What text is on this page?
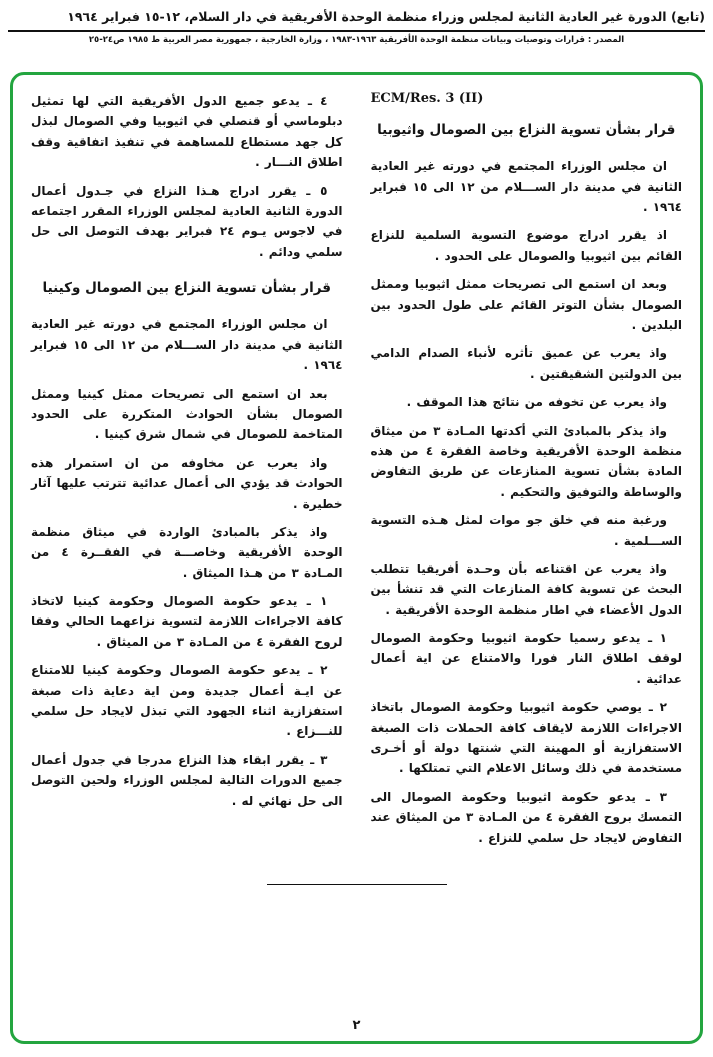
(تابع) الدورة غير العادية الثانية لمجلس وزراء منظمة الوحدة الأفريقية في دار السلام، ١٢-١٥ فبراير ١٩٦٤
المصدر : قرارات وتوصيات وبيانات منظمة الوحدة الأفريقية ١٩٦٣-١٩٨٣ ، وزارة الخارجية ، جمهورية مصر العربية ط ١٩٨٥ ص٢٤-٢٥
ECM/Res. 3 (II)
قرار بشأن تسوية النزاع بين الصومال واثيوبيا

ان مجلس الوزراء المجتمع في دورته غير العادية الثانية في مدينة دار الســـلام من ١٢ الى ١٥ فبراير ١٩٦٤ .

اذ يقرر ادراج موضوع التسوية السلمية للنزاع القائم بين اثيوبيا والصومال على الحدود .

وبعد ان استمع الى تصريحات ممثل اثيوبيا وممثل الصومال بشأن التوتر القائم على طول الحدود بين البلدين .

واذ يعرب عن عميق تأثره لأنباء الصدام الدامي بين الدولتين الشقيقتين .

واذ يعرب عن تخوفه من نتائج هذا الموقف .

واذ يذكر بالمبادئ التي أكدتها المـادة ٣ من ميثاق منظمة الوحدة الأفريقية وخاصة الفقرة ٤ من هذه المادة بشأن تسوية المنازعات عن طريق التفاوض والوساطة والتوفيق والتحكيم .

ورغبة منه في خلق جو موات لمثل هـذه التسوية الســـلمية .

واذ يعرب عن اقتناعه بأن وحـدة أفريقيا تتطلب البحث عن تسوية كافة المنازعات التي قد تنشأ بين الدول الأعضاء في اطار منظمة الوحدة الأفريقية .

١ ـ يدعو رسميا حكومة اثيوبيا وحكومة الصومال لوقف اطلاق النار فورا والامتناع عن اية أعمال عدائية .

٢ ـ يوصي حكومة اثيوبيا وحكومة الصومال باتخاذ الاجراءات اللازمة لايقاف كافة الحملات ذات الصبغة الاستفزازية أو المهينة التي شنتها دولة أو أخـرى مستخدمة في ذلك وسائل الاعلام التي تمتلكها .

٣ ـ يدعو حكومة اثيوبيا وحكومة الصومال الى التمسك بروح الفقرة ٤ من المـادة ٣ من الميثاق عند التفاوض لايجاد حل سلمي للنزاع .

٤ ـ يدعو جميع الدول الأفريقية التي لها تمثيل دبلوماسي أو قنصلي في اثيوبيا وفي الصومال لبذل كل جهد مستطاع للمساهمة في تنفيذ اتفاقية وقف اطلاق النـــار .

٥ ـ يقرر ادراج هـذا النزاع في جـدول أعمال الدورة الثانية العادية لمجلس الوزراء المقرر اجتماعه في لاجوس يـوم ٢٤ فبراير بهدف التوصل الى حل سلمي ودائم .

قرار بشأن تسوية النزاع بين الصومال وكينيا

ان مجلس الوزراء المجتمع في دورته غير العادية الثانية في مدينة دار الســـلام من ١٢ الى ١٥ فبراير ١٩٦٤ .

بعد ان استمع الى تصريحات ممثل كينيا وممثل الصومال بشأن الحوادث المتكررة على الحدود المتاخمة للصومال في شمال شرق كينيا .

واذ يعرب عن مخاوفه من ان استمرار هذه الحوادث قد يؤدي الى أعمال عدائية تترتب عليها آثار خطيرة .

واذ يذكر بالمبادئ الواردة في ميثاق منظمة الوحدة الأفريقية وخاصـــة في الفقــرة ٤ من المـادة ٣ من هـذا الميثاق .

١ ـ يدعو حكومة الصومال وحكومة كينيا لاتخاذ كافة الاجراءات اللازمة لتسوية نزاعهما الحالي وفقا لروح الفقرة ٤ من المـادة ٣ من الميثاق .

٢ ـ يدعو حكومة الصومال وحكومة كينيا للامتناع عن ايـة أعمال جديدة ومن اية دعاية ذات صبغة استفزازية اثناء الجهود التي تبذل لايجاد حل سلمي للنـــزاع .

٣ ـ يقرر ابقاء هذا النزاع مدرجا في جدول أعمال جميع الدورات التالية لمجلس الوزراء ولحين التوصل الى حل نهائي له .

٢
